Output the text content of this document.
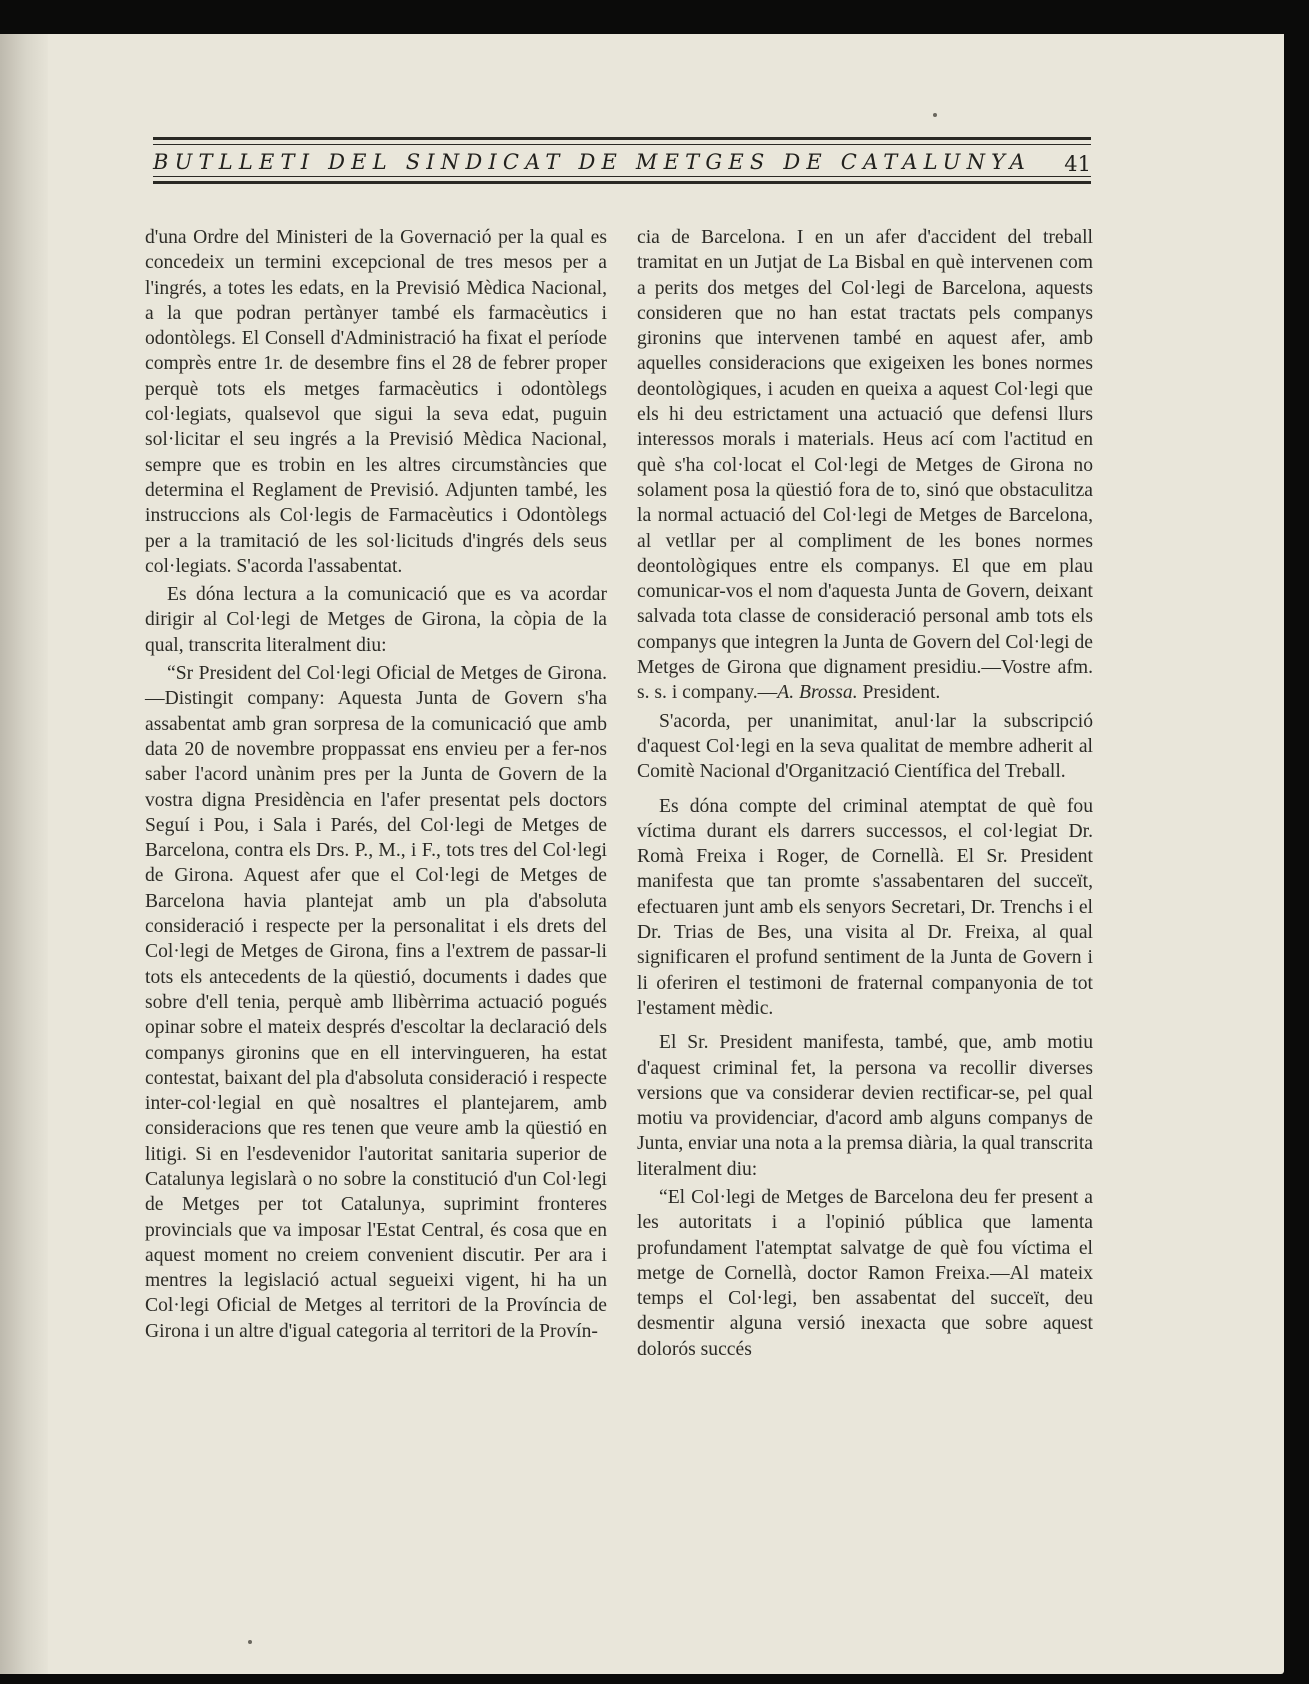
BUTLLETI DEL SINDICAT DE METGES DE CATALUNYA 41

d'una Ordre del Ministeri de la Governació per la qual es concedeix un termini excepcional de tres mesos per a l'ingrés, a totes les edats, en la Previsió Mèdica Nacional, a la que podran pertànyer també els farmacèutics i odontòlegs. El Consell d'Administració ha fixat el període comprès entre 1r. de desembre fins el 28 de febrer proper perquè tots els metges farmacèutics i odontòlegs col·legiats, qualsevol que sigui la seva edat, puguin sol·licitar el seu ingrés a la Previsió Mèdica Nacional, sempre que es trobin en les altres circumstàncies que determina el Reglament de Previsió. Adjunten també, les instruccions als Col·legis de Farmacèutics i Odontòlegs per a la tramitació de les sol·licituds d'ingrés dels seus col·legiats. S'acorda l'assabentat.

Es dóna lectura a la comunicació que es va acordar dirigir al Col·legi de Metges de Girona, la còpia de la qual, transcrita literalment diu:

“Sr President del Col·legi Oficial de Metges de Girona.—Distingit company: Aquesta Junta de Govern s'ha assabentat amb gran sorpresa de la comunicació que amb data 20 de novembre proppassat ens envieu per a fer-nos saber l'acord unànim pres per la Junta de Govern de la vostra digna Presidència en l'afer presentat pels doctors Seguí i Pou, i Sala i Parés, del Col·legi de Metges de Barcelona, contra els Drs. P., M., i F., tots tres del Col·legi de Girona. Aquest afer que el Col·legi de Metges de Barcelona havia plantejat amb un pla d'absoluta consideració i respecte per la personalitat i els drets del Col·legi de Metges de Girona, fins a l'extrem de passar-li tots els antecedents de la qüestió, documents i dades que sobre d'ell tenia, perquè amb llibèrrima actuació pogués opinar sobre el mateix després d'escoltar la declaració dels companys gironins que en ell intervingueren, ha estat contestat, baixant del pla d'absoluta consideració i respecte inter-col·legial en què nosaltres el plantejarem, amb consideracions que res tenen que veure amb la qüestió en litigi. Si en l'esdevenidor l'autoritat sanitaria superior de Catalunya legislarà o no sobre la constitució d'un Col·legi de Metges per tot Catalunya, suprimint fronteres provincials que va imposar l'Estat Central, és cosa que en aquest moment no creiem convenient discutir. Per ara i mentres la legislació actual segueixi vigent, hi ha un Col·legi Oficial de Metges al territori de la Província de Girona i un altre d'igual categoria al territori de la Provín-

cia de Barcelona. I en un afer d'accident del treball tramitat en un Jutjat de La Bisbal en què intervenen com a perits dos metges del Col·legi de Barcelona, aquests consideren que no han estat tractats pels companys gironins que intervenen també en aquest afer, amb aquelles consideracions que exigeixen les bones normes deontològiques, i acuden en queixa a aquest Col·legi que els hi deu estrictament una actuació que defensi llurs interessos morals i materials. Heus ací com l'actitud en què s'ha col·locat el Col·legi de Metges de Girona no solament posa la qüestió fora de to, sinó que obstaculitza la normal actuació del Col·legi de Metges de Barcelona, al vetllar per al compliment de les bones normes deontològiques entre els companys. El que em plau comunicar-vos el nom d'aquesta Junta de Govern, deixant salvada tota classe de consideració personal amb tots els companys que integren la Junta de Govern del Col·legi de Metges de Girona que dignament presidiu.—Vostre afm. s. s. i company.—A. Brossa. President.

S'acorda, per unanimitat, anul·lar la subscripció d'aquest Col·legi en la seva qualitat de membre adherit al Comitè Nacional d'Organització Científica del Treball.

Es dóna compte del criminal atemptat de què fou víctima durant els darrers successos, el col·legiat Dr. Romà Freixa i Roger, de Cornellà. El Sr. President manifesta que tan promte s'assabentaren del succeït, efectuaren junt amb els senyors Secretari, Dr. Trenchs i el Dr. Trias de Bes, una visita al Dr. Freixa, al qual significaren el profund sentiment de la Junta de Govern i li oferiren el testimoni de fraternal companyonia de tot l'estament mèdic.

El Sr. President manifesta, també, que, amb motiu d'aquest criminal fet, la persona va recollir diverses versions que va considerar devien rectificar-se, pel qual motiu va providenciar, d'acord amb alguns companys de Junta, enviar una nota a la premsa diària, la qual transcrita literalment diu:

“El Col·legi de Metges de Barcelona deu fer present a les autoritats i a l'opinió pública que lamenta profundament l'atemptat salvatge de què fou víctima el metge de Cornellà, doctor Ramon Freixa.—Al mateix temps el Col·legi, ben assabentat del succeït, deu desmentir alguna versió inexacta que sobre aquest dolorós succés
